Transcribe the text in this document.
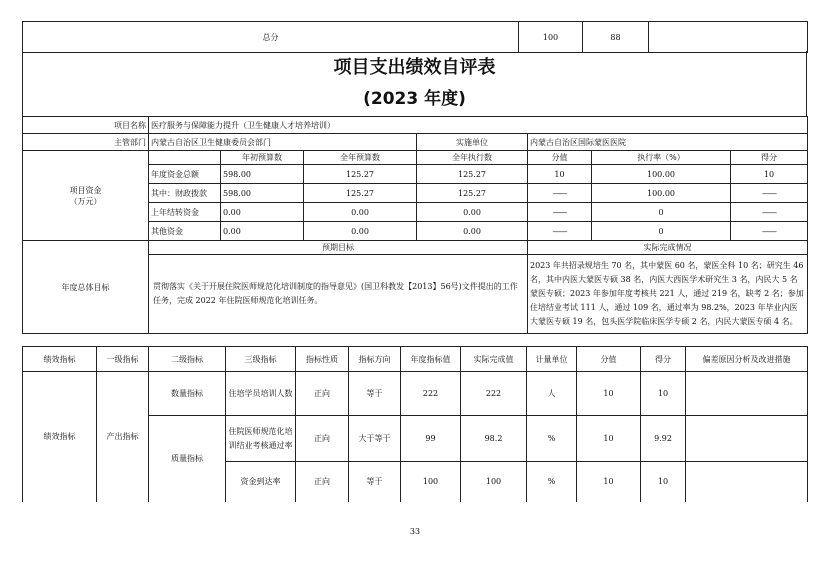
总分	100	88	
项目支出绩效自评表
(2023 年度)
项目名称	医疗服务与保障能力提升（卫生健康人才培养培训）						
主管部门	内蒙古自治区卫生健康委员会部门			实施单位	内蒙古自治区国际蒙医医院		
项目资金
（万元）		年初预算数	全年预算数	全年执行数	分值	执行率（%）	得分
	年度资金总额	598.00	125.27	125.27	10	100.00	10
	其中：财政拨款	598.00	125.27	125.27	——	100.00	——
	上年结转资金	0.00	0.00	0.00	——	0	——
	其他资金	0.00	0.00	0.00	——	0	——
年度总体目标	预期目标				实际完成情况		
	贯彻落实《关于开展住院医师规范化培训制度的指导意见》(国卫科教发【2013】56号)文件提出的工作任务，完成 2022 年住院医师规范化培训任务。				2023 年共招录规培生 70 名，其中蒙医 60 名，蒙医全科 10 名；研究生 46 名，其中内医大蒙医专硕 38 名，内医大西医学术研究生 3 名，内民大 5 名蒙医专硕；2023 年参加年度考核共 221 人，通过 219 名，缺考 2 名；参加住培结业考试 111 人，通过 109 名，通过率为 98.2%，2023 年毕业内医大蒙医专硕 19 名，包头医学院临床医学专硕 2 名，内民大蒙医专硕 4 名。		
绩效指标	一级指标	二级指标	三级指标	指标性质	指标方向	年度指标值	实际完成值	计量单位	分值	得分	偏差原因分析及改进措施
绩效指标	产出指标	数量指标	住培学员培训人数	正向	等于	222	222	人	10	10	
		质量指标	住院医师规范化培训结业考核通过率	正向	大于等于	99	98.2	%	10	9.92	
			资金到达率	正向	等于	100	100	%	10	10	
33
